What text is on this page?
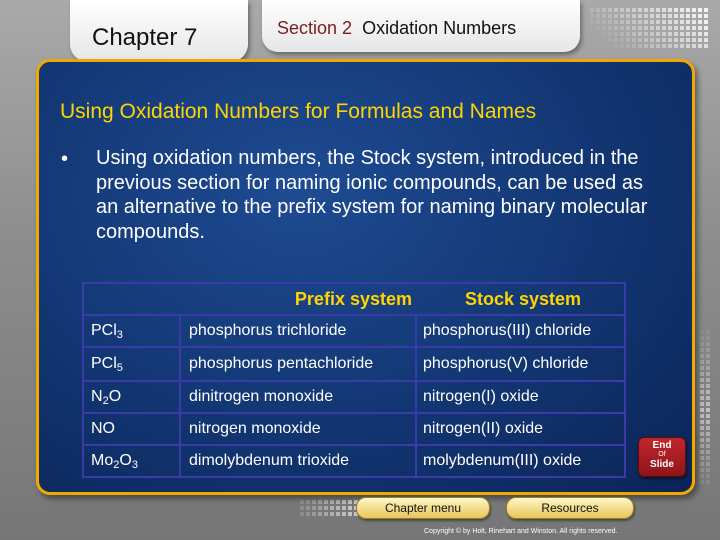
Chapter 7	Section 2 Oxidation Numbers
Using Oxidation Numbers for Formulas and Names
• Using oxidation numbers, the Stock system, introduced in the previous section for naming ionic compounds, can be used as an alternative to the prefix system for naming binary molecular compounds.
	Prefix system	Stock system
PCl$_3$	phosphorus trichloride	phosphorus(III) chloride
PCl$_5$	phosphorus pentachloride	phosphorus(V) chloride
$N_2O$	dinitrogen monoxide	nitrogen(I) oxide
NO	nitrogen monoxide	nitrogen(II) oxide
$Mo_2O_3$	dimolybdenum trioxide	molybdenum(III) oxide
End
Of
Slide
Chapter menu	Resources
Copyright © by Holt, Rinehart and Winston. All rights reserved.
